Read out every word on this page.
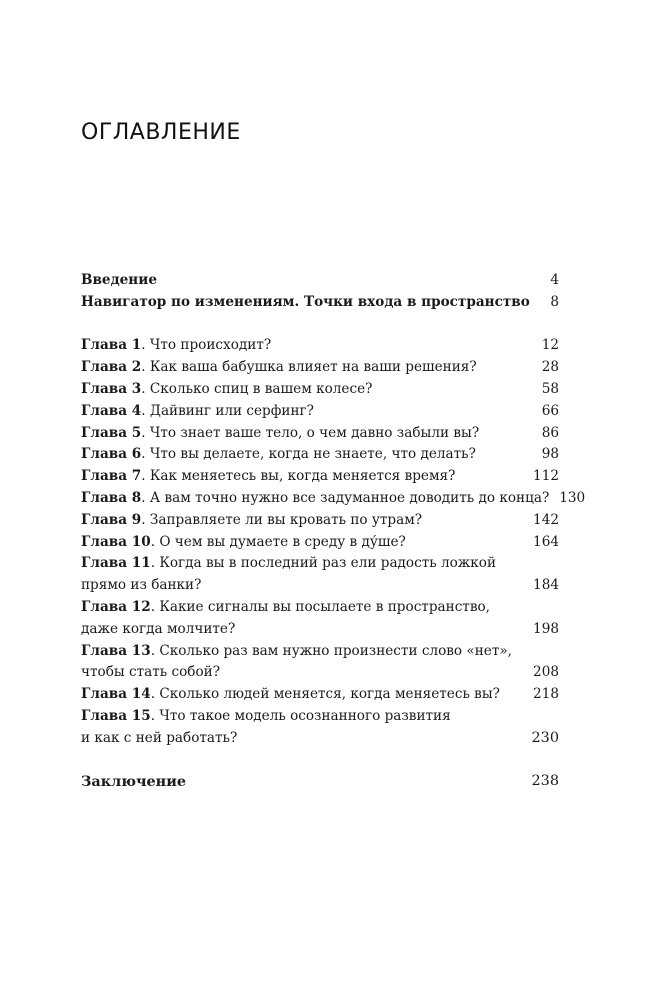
ОГЛАВЛЕНИЕ
Введение	4
Навигатор по изменениям. Точки входа в пространство	8
Глава 1. Что происходит?	12
Глава 2. Как ваша бабушка влияет на ваши решения?	28
Глава 3. Сколько спиц в вашем колесе?	58
Глава 4. Дайвинг или серфинг?	66
Глава 5. Что знает ваше тело, о чем давно забыли вы?	86
Глава 6. Что вы делаете, когда не знаете, что делать?	98
Глава 7. Как меняетесь вы, когда меняется время?	112
Глава 8. А вам точно нужно все задуманное доводить до конца? 130
Глава 9. Заправляете ли вы кровать по утрам?	142
Глава 10. О чем вы думаете в среду в ду́ше?	164
Глава 11. Когда вы в последний раз ели радость ложкой
прямо из банки?	184
Глава 12. Какие сигналы вы посылаете в пространство,
даже когда молчите?	198
Глава 13. Сколько раз вам нужно произнести слово «нет»,
чтобы стать собой?	208
Глава 14. Сколько людей меняется, когда меняетесь вы?	218
Глава 15. Что такое модель осознанного развития
и как с ней работать?	230
Заключение	238
